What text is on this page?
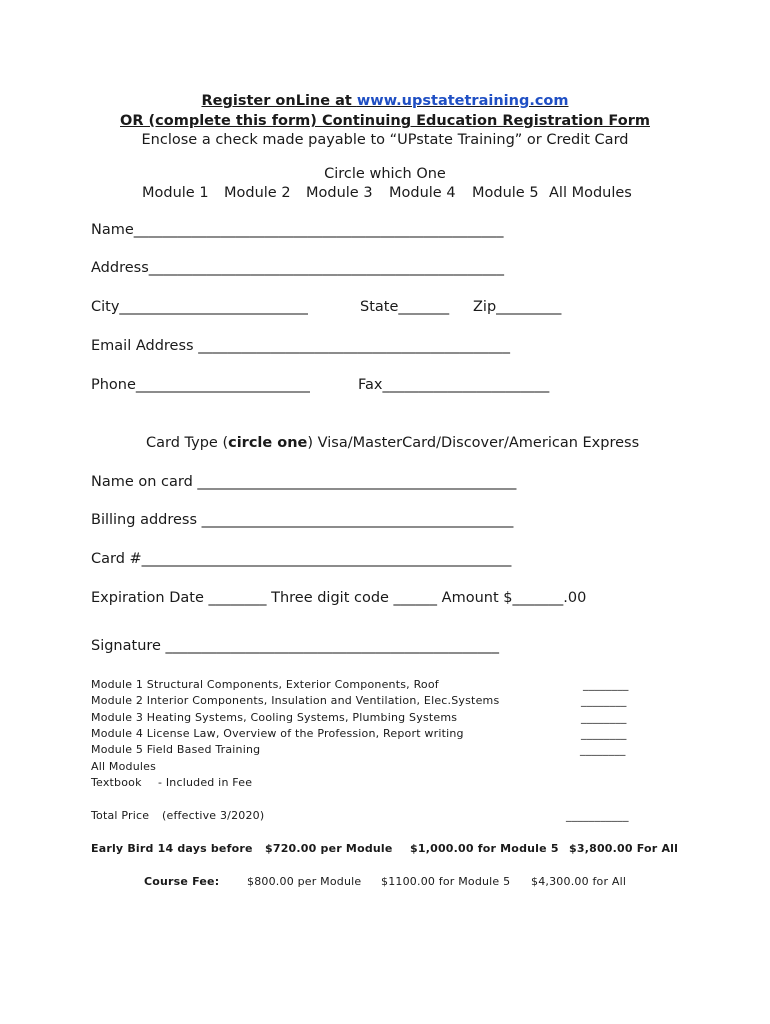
Register onLine at www.upstatetraining.com
OR (complete this form) Continuing Education Registration Form
Enclose a check made payable to “UPstate Training” or Credit Card
Circle which One
Module 1 Module 2 Module 3 Module 4 Module 5 All Modules
Name___________________________________________________
Address_________________________________________________
City__________________________	State_______ Zip_________
Email Address ___________________________________________
Phone________________________	Fax_______________________
Card Type (circle one) Visa/MasterCard/Discover/American Express
Name on card ____________________________________________
Billing address ___________________________________________
Card #___________________________________________________
Expiration Date ________ Three digit code ______ Amount $_______.00
Signature ______________________________________________
Module 1 Structural Components, Exterior Components, Roof	________
Module 2 Interior Components, Insulation and Ventilation, Elec.Systems	________
Module 3 Heating Systems, Cooling Systems, Plumbing Systems	________
Module 4 License Law, Overview of the Profession, Report writing	________
Module 5 Field Based Training	________
All Modules
Textbook - Included in Fee
Total Price (effective 3/2020)	___________
Early Bird 14 days before $720.00 per Module $1,000.00 for Module 5 $3,800.00 For All
Course Fee:	$800.00 per Module $1100.00 for Module 5 $4,300.00 for All
